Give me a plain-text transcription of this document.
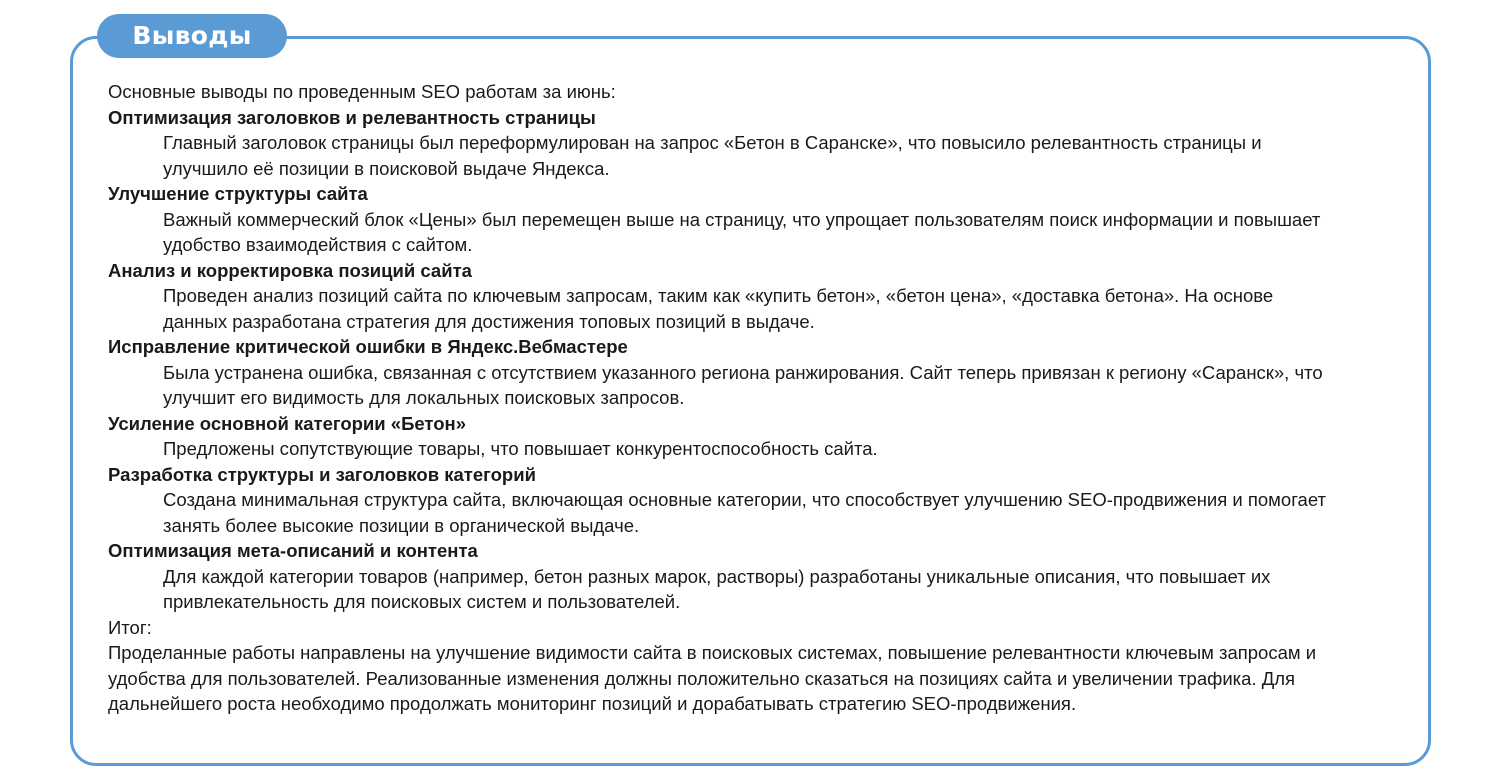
Выводы
Основные выводы по проведенным SEO работам за июнь:
Оптимизация заголовков и релевантность страницы
Главный заголовок страницы был переформулирован на запрос «Бетон в Саранске», что повысило релевантность страницы и
улучшило её позиции в поисковой выдаче Яндекса.
Улучшение структуры сайта
Важный коммерческий блок «Цены» был перемещен выше на страницу, что упрощает пользователям поиск информации и повышает
удобство взаимодействия с сайтом.
Анализ и корректировка позиций сайта
Проведен анализ позиций сайта по ключевым запросам, таким как «купить бетон», «бетон цена», «доставка бетона». На основе
данных разработана стратегия для достижения топовых позиций в выдаче.
Исправление критической ошибки в Яндекс.Вебмастере
Была устранена ошибка, связанная с отсутствием указанного региона ранжирования. Сайт теперь привязан к региону «Саранск», что
улучшит его видимость для локальных поисковых запросов.
Усиление основной категории «Бетон»
Предложены сопутствующие товары, что повышает конкурентоспособность сайта.
Разработка структуры и заголовков категорий
Создана минимальная структура сайта, включающая основные категории, что способствует улучшению SEO-продвижения и помогает
занять более высокие позиции в органической выдаче.
Оптимизация мета-описаний и контента
Для каждой категории товаров (например, бетон разных марок, растворы) разработаны уникальные описания, что повышает их
привлекательность для поисковых систем и пользователей.
Итог:
Проделанные работы направлены на улучшение видимости сайта в поисковых системах, повышение релевантности ключевым запросам и
удобства для пользователей. Реализованные изменения должны положительно сказаться на позициях сайта и увеличении трафика. Для
дальнейшего роста необходимо продолжать мониторинг позиций и дорабатывать стратегию SEO-продвижения.
